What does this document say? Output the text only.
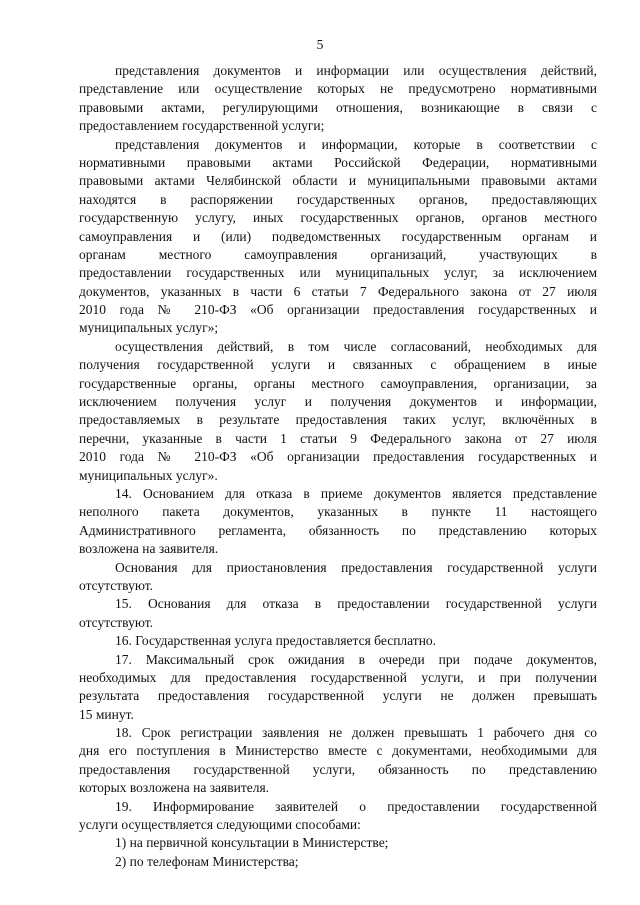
5
представления документов и информации или осуществления действий,
представление или осуществление которых не предусмотрено нормативными
правовыми актами, регулирующими отношения, возникающие в связи с
предоставлением государственной услуги;
представления документов и информации, которые в соответствии с
нормативными правовыми актами Российской Федерации, нормативными
правовыми актами Челябинской области и муниципальными правовыми актами
находятся в распоряжении государственных органов, предоставляющих
государственную услугу, иных государственных органов, органов местного
самоуправления и (или) подведомственных государственным органам и
органам местного самоуправления организаций, участвующих в
предоставлении государственных или муниципальных услуг, за исключением
документов, указанных в части 6 статьи 7 Федерального закона от 27 июля
2010 года № 210-ФЗ «Об организации предоставления государственных и
муниципальных услуг»;
осуществления действий, в том числе согласований, необходимых для
получения государственной услуги и связанных с обращением в иные
государственные органы, органы местного самоуправления, организации, за
исключением получения услуг и получения документов и информации,
предоставляемых в результате предоставления таких услуг, включённых в
перечни, указанные в части 1 статьи 9 Федерального закона от 27 июля
2010 года № 210-ФЗ «Об организации предоставления государственных и
муниципальных услуг».
14. Основанием для отказа в приеме документов является представление
неполного пакета документов, указанных в пункте 11 настоящего
Административного регламента, обязанность по представлению которых
возложена на заявителя.
Основания для приостановления предоставления государственной услуги
отсутствуют.
15. Основания для отказа в предоставлении государственной услуги
отсутствуют.
16. Государственная услуга предоставляется бесплатно.
17. Максимальный срок ожидания в очереди при подаче документов,
необходимых для предоставления государственной услуги, и при получении
результата предоставления государственной услуги не должен превышать
15 минут.
18. Срок регистрации заявления не должен превышать 1 рабочего дня со
дня его поступления в Министерство вместе с документами, необходимыми для
предоставления государственной услуги, обязанность по представлению
которых возложена на заявителя.
19. Информирование заявителей о предоставлении государственной
услуги осуществляется следующими способами:
1) на первичной консультации в Министерстве;
2) по телефонам Министерства;
